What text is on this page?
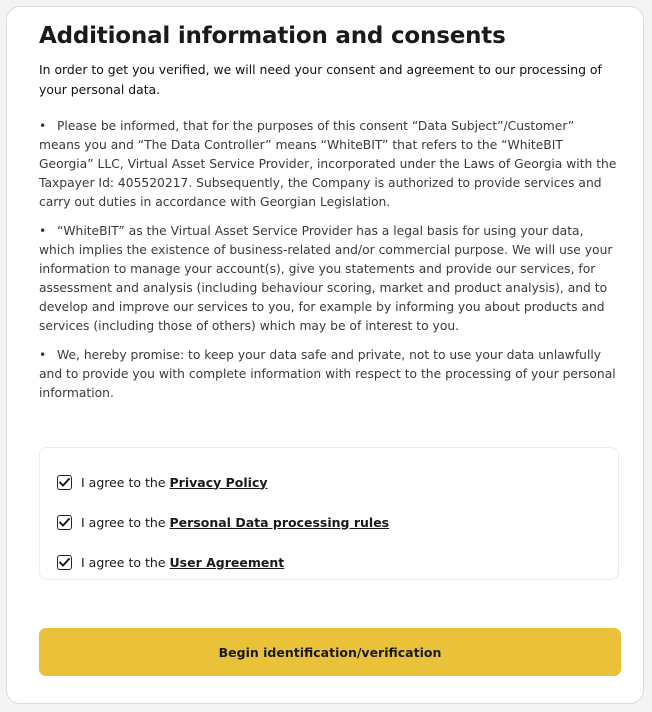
Additional information and consents

In order to get you verified, we will need your consent and agreement to our processing of your personal data.

• Please be informed, that for the purposes of this consent “Data Subject”/Customer” means you and “The Data Controller” means “WhiteBIT” that refers to the “WhiteBIT Georgia” LLC, Virtual Asset Service Provider, incorporated under the Laws of Georgia with the Taxpayer Id: 405520217. Subsequently, the Company is authorized to provide services and carry out duties in accordance with Georgian Legislation.

• “WhiteBIT” as the Virtual Asset Service Provider has a legal basis for using your data, which implies the existence of business-related and/or commercial purpose. We will use your information to manage your account(s), give you statements and provide our services, for assessment and analysis (including behaviour scoring, market and product analysis), and to develop and improve our services to you, for example by informing you about products and services (including those of others) which may be of interest to you.

• We, hereby promise: to keep your data safe and private, not to use your data unlawfully and to provide you with complete information with respect to the processing of your personal information.

I agree to the Privacy Policy
I agree to the Personal Data processing rules
I agree to the User Agreement
Begin identification/verification
